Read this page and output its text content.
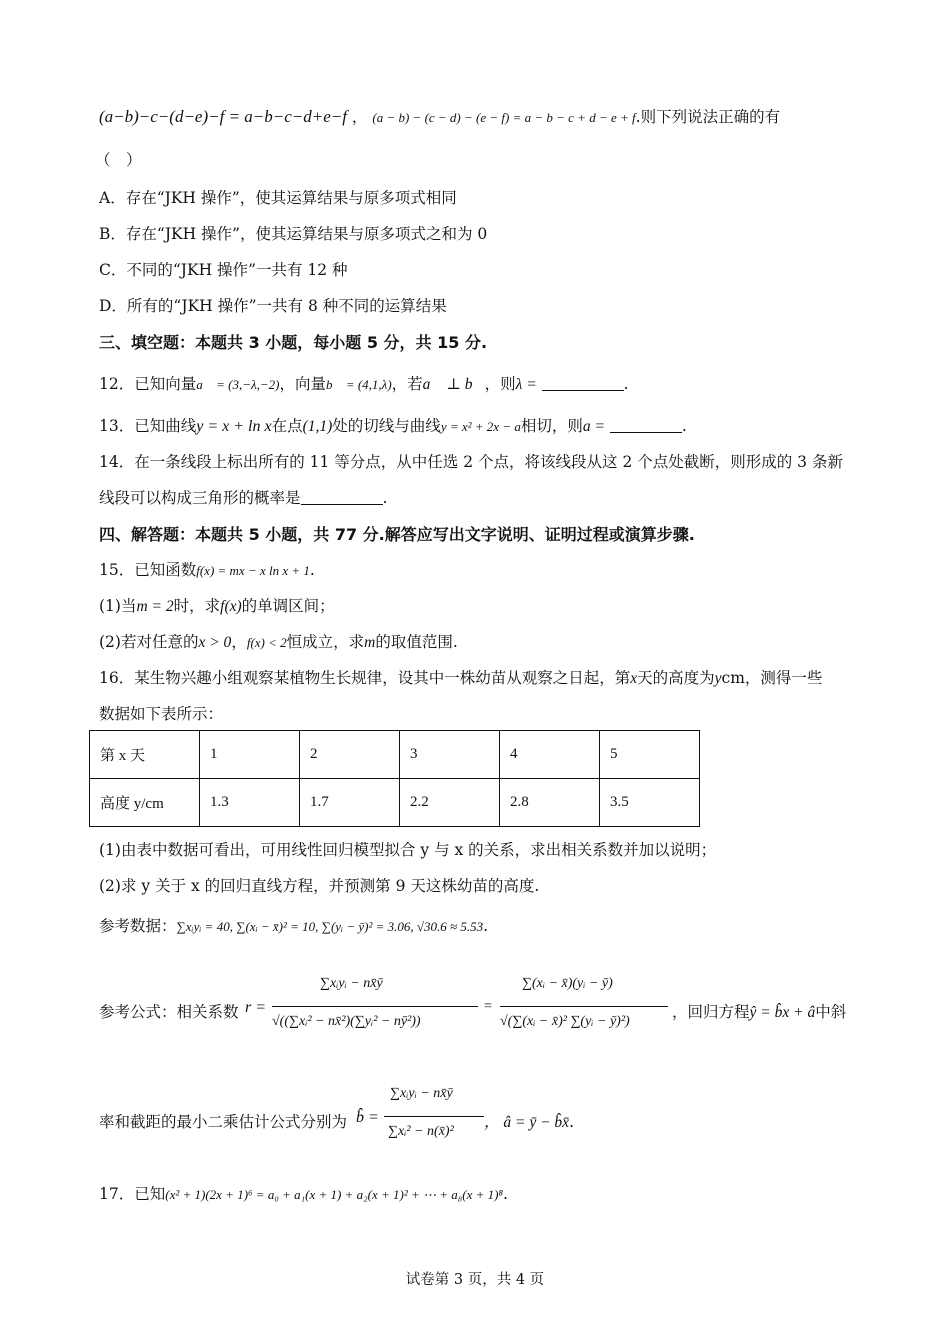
(a−b)−c−(d−e)−f = a−b−c−d+e−f ， (a − b) − (c − d) − (e − f) = a − b − c + d − e + f.则下列说法正确的有
（　）
A．存在“JKH 操作”，使其运算结果与原多项式相同
B．存在“JKH 操作”，使其运算结果与原多项式之和为 0
C．不同的“JKH 操作”一共有 12 种
D．所有的“JKH 操作”一共有 8 种不同的运算结果
三、填空题：本题共 3 小题，每小题 5 分，共 15 分.
12．已知向量a⃗ = (3,−λ,−2)，向量b⃗ = (4,1,λ)，若a⃗ ⊥ b⃗，则λ =	.
13．已知曲线y = x + ln x在点(1,1)处的切线与曲线y = x² + 2x − a相切，则a =	.
14．在一条线段上标出所有的 11 等分点，从中任选 2 个点，将该线段从这 2 个点处截断，则形成的 3 条新
线段可以构成三角形的概率是	.
四、解答题：本题共 5 小题，共 77 分.解答应写出文字说明、证明过程或演算步骤.
15．已知函数f(x) = mx − x ln x + 1.
(1)当m = 2时，求f(x)的单调区间；
(2)若对任意的x > 0，f(x) < 2恒成立，求m的取值范围.
16．某生物兴趣小组观察某植物生长规律，设其中一株幼苗从观察之日起，第x天的高度为ycm，测得一些
数据如下表所示：
第 x 天	1	2	3	4	5
高度 y/cm	1.3	1.7	2.2	2.8	3.5
(1)由表中数据可看出，可用线性回归模型拟合 y 与 x 的关系，求出相关系数并加以说明；
(2)求 y 关于 x 的回归直线方程，并预测第 9 天这株幼苗的高度.
参考数据：∑xᵢyᵢ = 40, ∑(xᵢ − x̄)² = 10, ∑(yᵢ − ȳ)² = 3.06, √30.6 ≈ 5.53.
参考公式：相关系数 r =
∑xᵢyᵢ − nx̄ȳ
√((∑xᵢ² − nx̄²)(∑yᵢ² − nȳ²))
=
∑(xᵢ − x̄)(yᵢ − ȳ)
√(∑(xᵢ − x̄)² ∑(yᵢ − ȳ)²)
，回归方程ŷ = b̂x + â中斜
率和截距的最小二乘估计公式分别为 b̂ =
∑xᵢyᵢ − nx̄ȳ
∑xᵢ² − n(x̄)²
， â = ȳ − b̂x̄.
17．已知(x² + 1)(2x + 1)⁶ = a₀ + a₁(x + 1) + a₂(x + 1)² + ⋯ + a₈(x + 1)⁸.
试卷第 3 页，共 4 页
